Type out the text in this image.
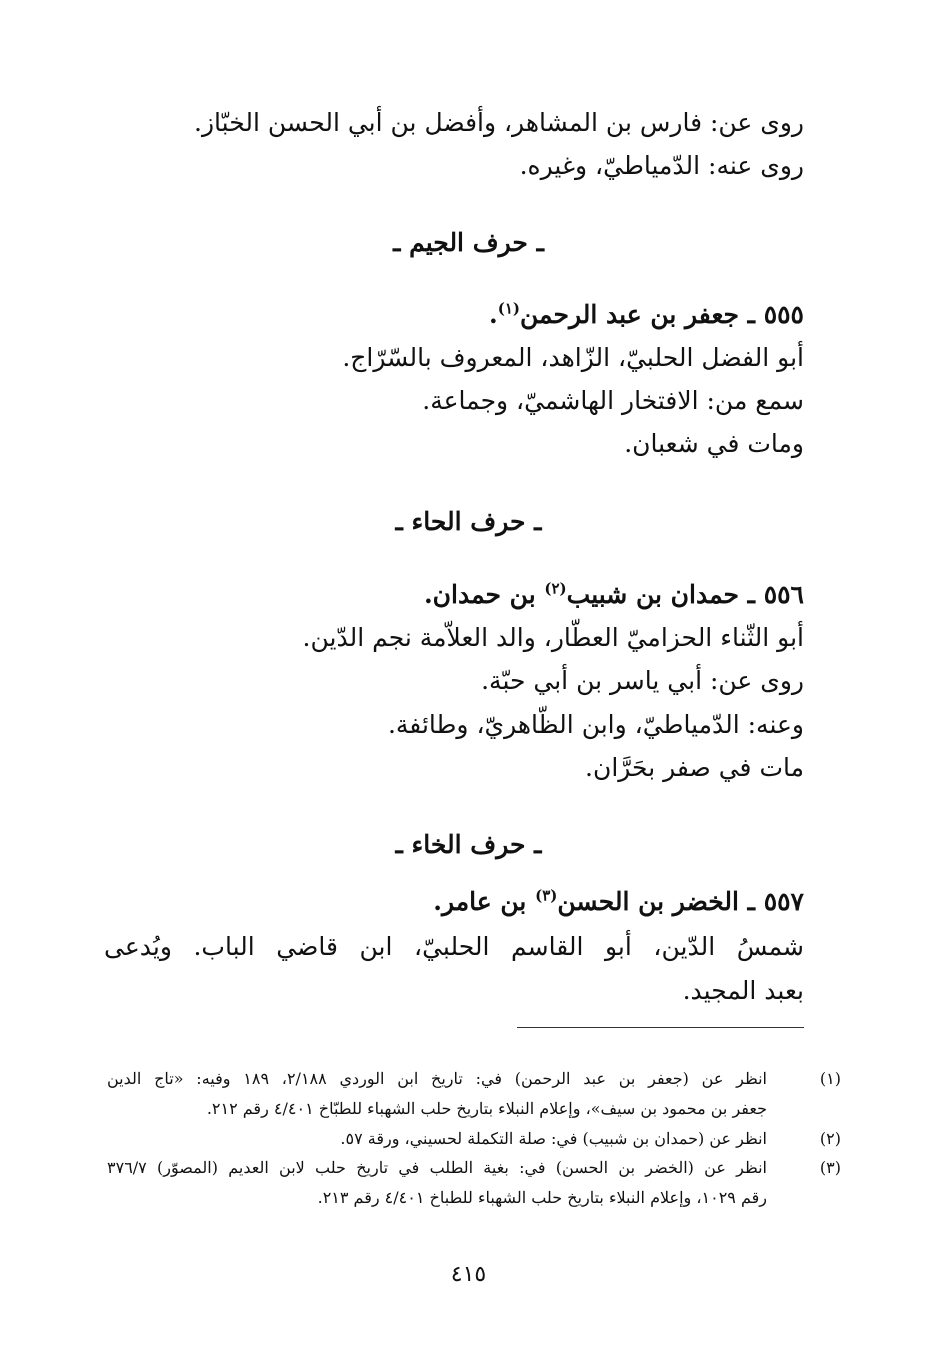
روى عن: فارس بن المشاهر، وأفضل بن أبي الحسن الخبّاز.
روى عنه: الدّمياطيّ، وغيره.
ـ حرف الجيم ـ
٥٥٥ ـ جعفر بن عبد الرحمن$^{(١)}$.
أبو الفضل الحلبيّ، الزّاهد، المعروف بالسّرّاج.
سمع من: الافتخار الهاشميّ، وجماعة.
ومات في شعبان.
ـ حرف الحاء ـ
٥٥٦ ـ حمدان بن شبيب$^{(٢)}$ بن حمدان.
أبو الثّناء الحزاميّ العطّار، والد العلاّمة نجم الدّين.
روى عن: أبي ياسر بن أبي حبّة.
وعنه: الدّمياطيّ، وابن الظّاهريّ، وطائفة.
مات في صفر بحَرَّان.
ـ حرف الخاء ـ
٥٥٧ ـ الخضر بن الحسن$^{(٣)}$ بن عامر.
شمسُ الدّين، أبو القاسم الحلبيّ، ابن قاضي الباب. ويُدعى
بعبد المجيد.
(١)
انظر عن (جعفر بن عبد الرحمن) في: تاريخ ابن الوردي ٢/١٨٨، ١٨٩ وفيه: «تاج الدين
جعفر بن محمود بن سيف»، وإعلام النبلاء بتاريخ حلب الشهباء للطبّاخ ٤/٤٠١ رقم ٢١٢.
(٢)
انظر عن (حمدان بن شبيب) في: صلة التكملة لحسيني، ورقة ٥٧.
(٣)
انظر عن (الخضر بن الحسن) في: بغية الطلب في تاريخ حلب لابن العديم (المصوّر) ٣٧٦/٧
رقم ١٠٢٩، وإعلام النبلاء بتاريخ حلب الشهباء للطباخ ٤/٤٠١ رقم ٢١٣.
٤١٥
